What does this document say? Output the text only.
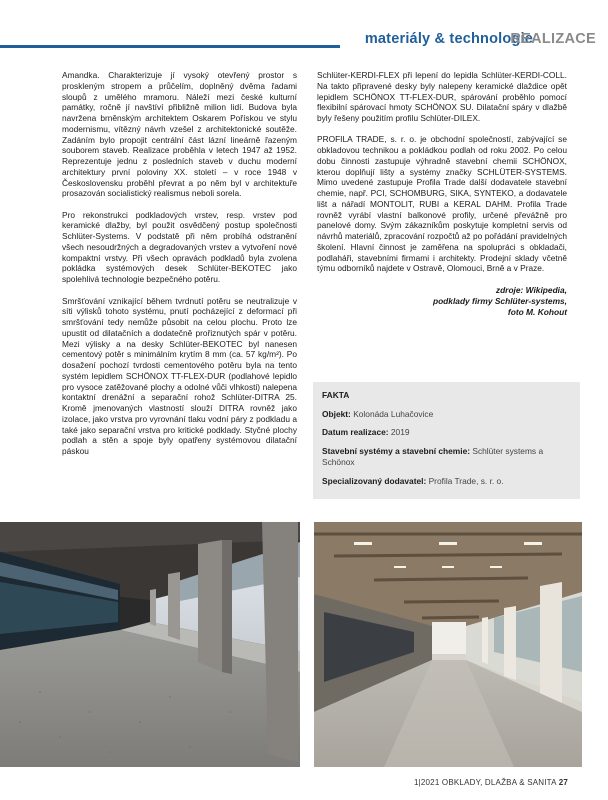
materiály & technologie
REALIZACE

Amandka. Charakterizuje jí vysoký otevřený prostor s proskleným stropem a průčelím, doplněný dvěma řadami sloupů z umělého mramoru. Náleží mezi české kulturní památky, ročně jí navštíví přibližně milion lidí. Budova byla navržena brněnským architektem Oskarem Pořískou ve stylu modernismu, vítězný návrh vzešel z architektonické soutěže. Zadáním bylo propojit centrální část lázní lineárně řazeným souborem staveb. Realizace proběhla v letech 1947 až 1952. Reprezentuje jednu z posledních staveb v duchu moderní architektury první poloviny XX. století – v roce 1948 v Československu proběhl převrat a po něm byl v architektuře prosazován socialistický realismus neboli sorela.

Pro rekonstrukci podkladových vrstev, resp. vrstev pod keramické dlažby, byl použit osvědčený postup společnosti Schlüter-Systems. V podstatě při něm probíhá odstranění všech nesoudržných a degradovaných vrstev a vytvoření nové kompaktní vrstvy. Při všech opravách podkladů byla zvolena pokládka systémových desek Schlüter-BEKOTEC jako spolehlivá technologie bezpečného potěru.

Smršťování vznikající během tvrdnutí potěru se neutralizuje v síti výlisků tohoto systému, pnutí pocházející z deformací při smršťování tedy nemůže působit na celou plochu. Proto lze upustit od dilatačních a dodatečně prořiznutých spár v potěru. Mezi výlisky a na desky Schlüter-BEKOTEC byl nanesen cementový potěr s minimálním krytím 8 mm (ca. 57 kg/m²). Po dosažení pochozí tvrdosti cementového potěru byla na tento systém lepidlem SCHÖNOX TT-FLEX-DUR (podlahové lepidlo pro vysoce zatěžované plochy a odolné vůči vlhkosti) nalepena kontaktní drenážní a separační rohož Schlüter-DITRA 25. Kromě jmenovaných vlastností slouží DITRA rovněž jako izolace, jako vrstva pro vyrovnání tlaku vodní páry z podkladu a také jako separační vrstva pro kritické podklady. Styčné plochy podlah a stěn a spoje byly opatřeny systémovou dilatační páskou

Schlüter-KERDI-FLEX při lepení do lepidla Schlüter-KERDI-COLL. Na takto připravené desky byly nalepeny keramické dlaždice opět lepidlem SCHÖNOX TT-FLEX-DUR, spárování proběhlo pomocí flexibilní spárovací hmoty SCHÖNOX SU. Dilatační spáry v dlažbě byly řešeny použitím profilu Schlüter-DILEX.

PROFILA TRADE, s. r. o. je obchodní společností, zabývající se obkladovou technikou a pokládkou podlah od roku 2002. Po celou dobu činnosti zastupuje výhradně stavební chemii SCHÖNOX, kterou doplňují lišty a systémy značky SCHLÜTER-SYSTEMS. Mimo uvedené zastupuje Profila Trade další dodavatele stavební chemie, např. PCI, SCHOMBURG, SIKA, SYNTEKO, a dodavatele lišt a nářadí MONTOLIT, RUBI a KERAL DAHM. Profila Trade rovněž vyrábí vlastní balkonové profily, určené převážně pro panelové domy. Svým zákazníkům poskytuje kompletní servis od návrhů materiálů, zpracování rozpočtů až po pořádání pravidelných školení. Hlavní činnost je zaměřena na spolupráci s obkladači, podlaháři, stavebními firmami i architekty. Prodejní sklady včetně týmu odborníků najdete v Ostravě, Olomouci, Brně a v Praze.

zdroje: Wikipedia,
podklady firmy Schlüter-systems,
foto M. Kohout
FAKTA
Objekt: Kolonáda Luhačovice
Datum realizace: 2019
Stavební systémy a stavební chemie: Schlüter systems a Schönox
Specializovaný dodavatel: Profila Trade, s. r. o.
1|2021 OBKLADY, DLAŽBA & SANITA 27
